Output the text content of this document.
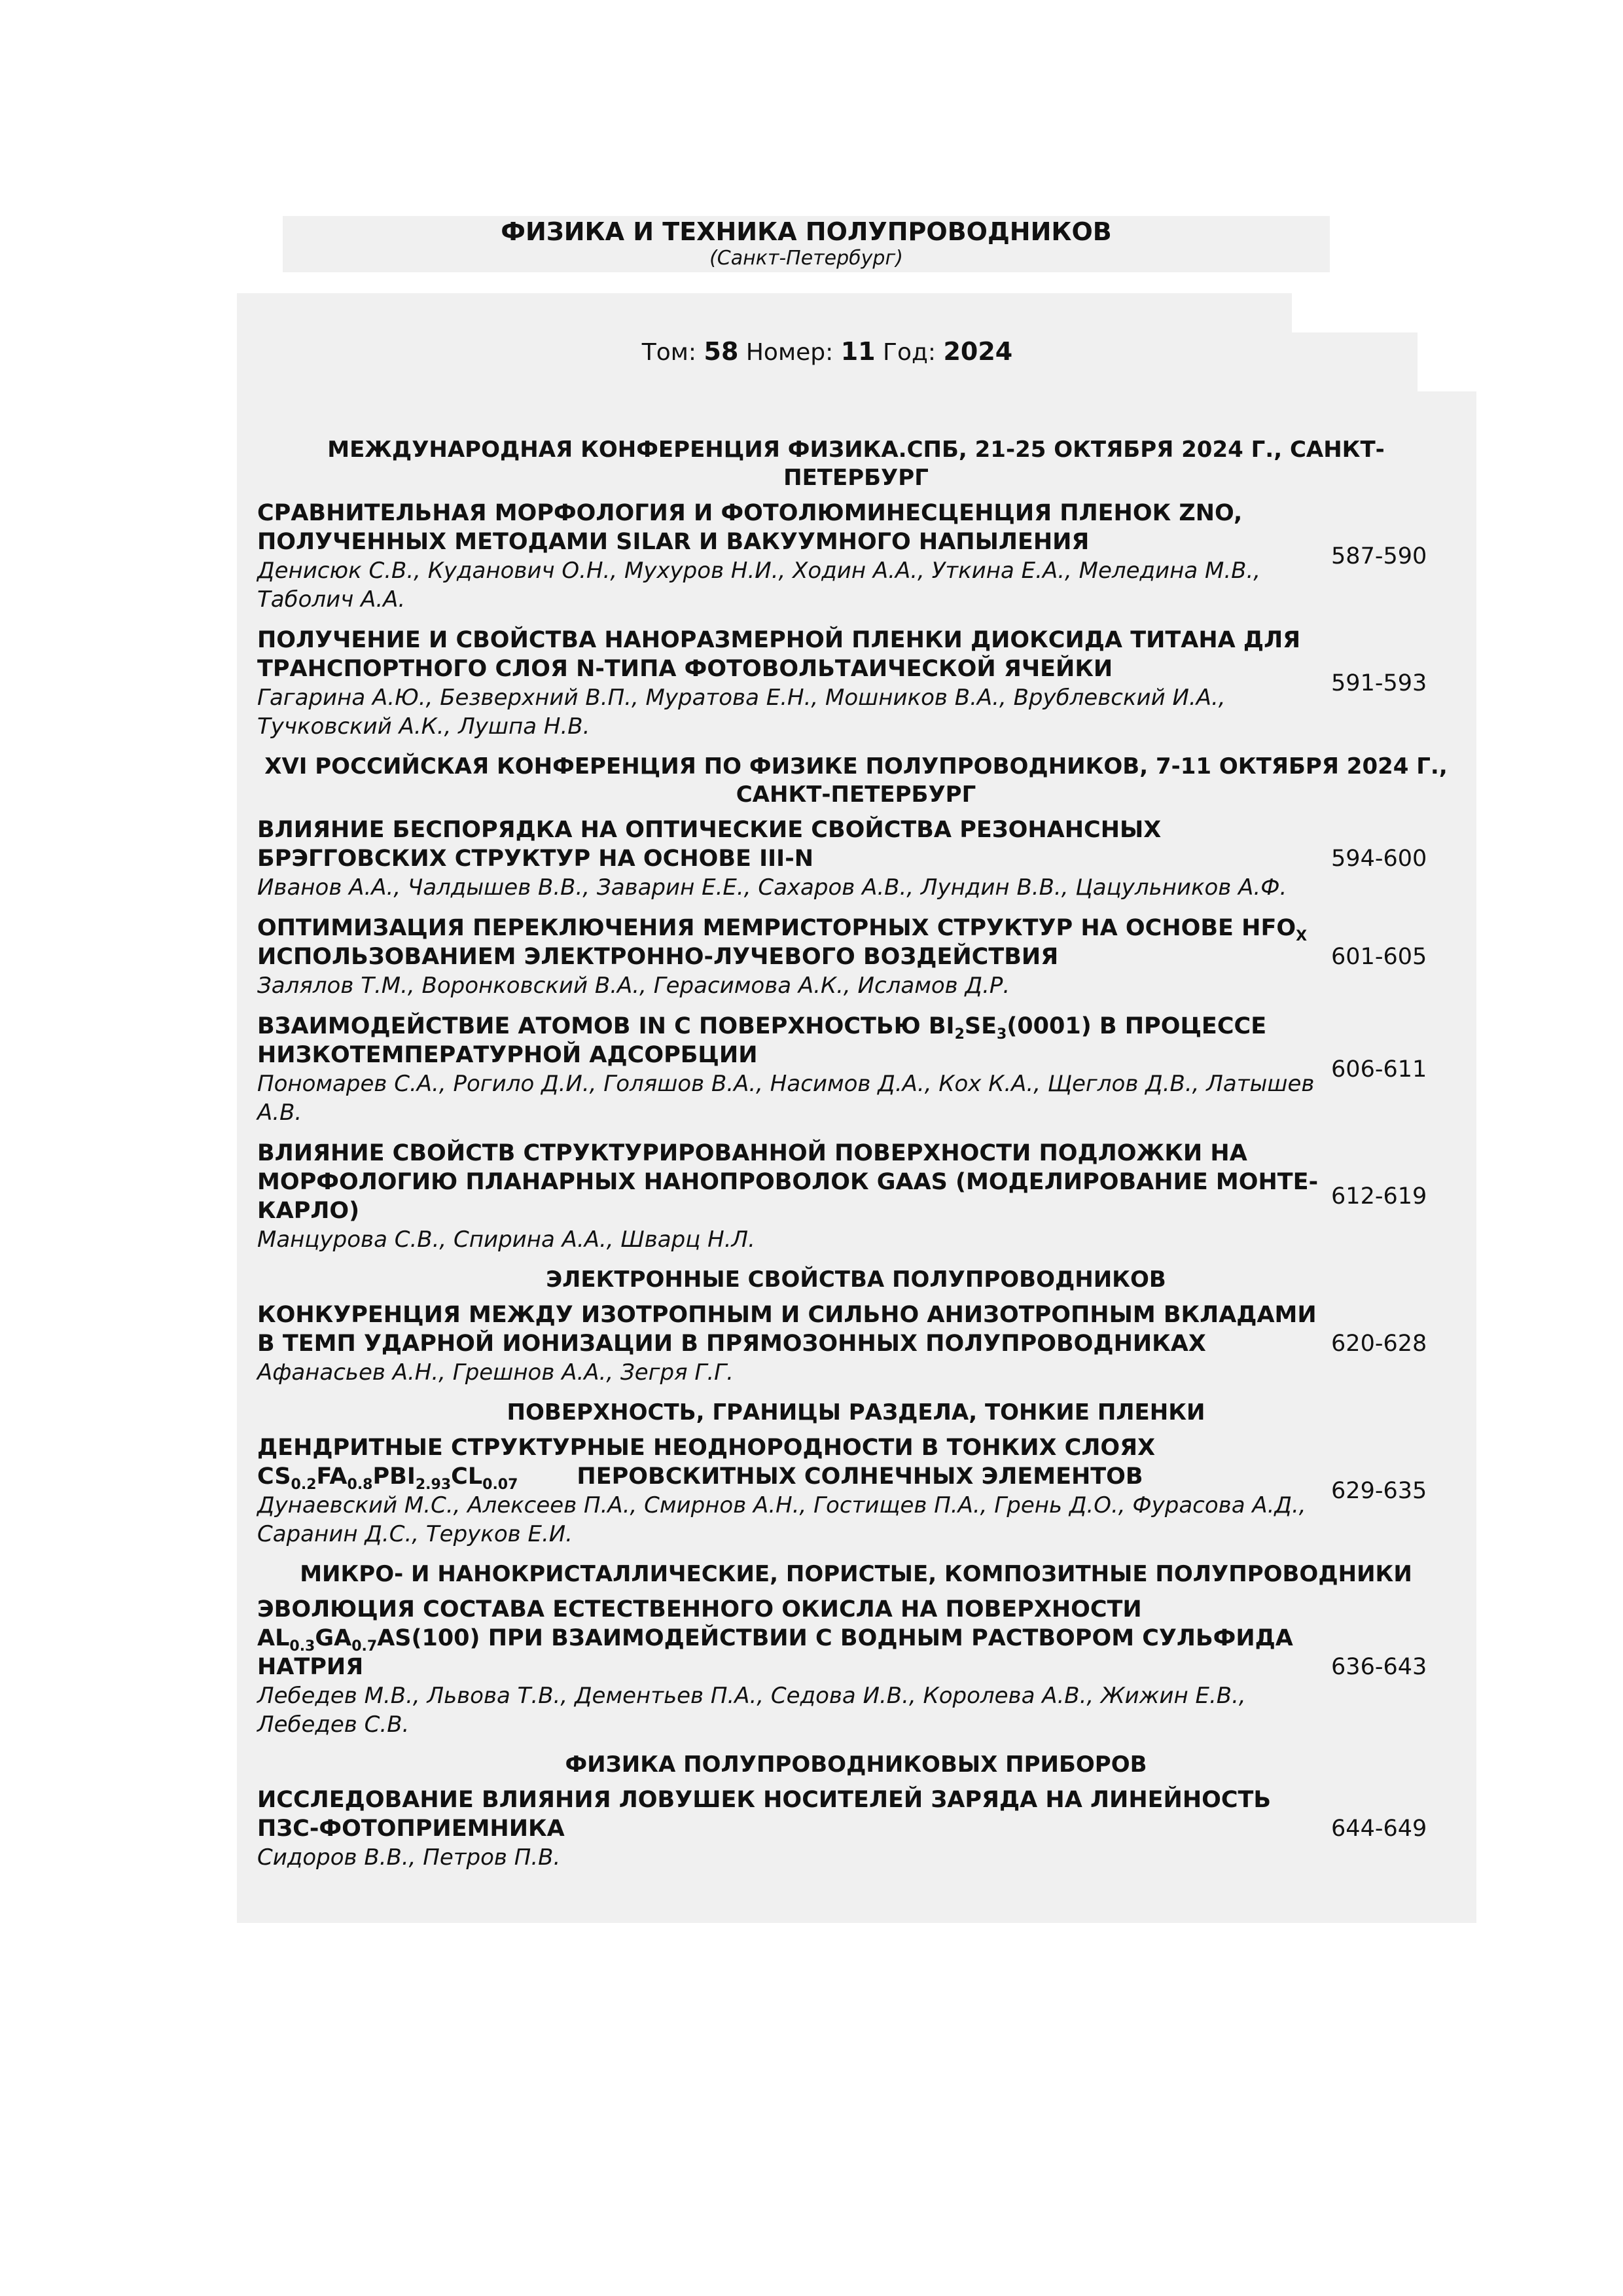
ФИЗИКА И ТЕХНИКА ПОЛУПРОВОДНИКОВ
(Санкт-Петербург)
Том: 58 Номер: 11 Год: 2024
МЕЖДУНАРОДНАЯ КОНФЕРЕНЦИЯ ФИЗИКА.СПБ, 21-25 ОКТЯБРЯ 2024 Г., САНКТ-ПЕТЕРБУРГ
СРАВНИТЕЛЬНАЯ МОРФОЛОГИЯ И ФОТОЛЮМИНЕСЦЕНЦИЯ ПЛЕНОК ZNO, ПОЛУЧЕННЫХ МЕТОДАМИ SILAR И ВАКУУМНОГО НАПЫЛЕНИЯ
Денисюк С.В., Куданович О.Н., Мухуров Н.И., Ходин А.А., Уткина Е.А., Меледина М.В., Таболич А.А.
587-590
ПОЛУЧЕНИЕ И СВОЙСТВА НАНОРАЗМЕРНОЙ ПЛЕНКИ ДИОКСИДА ТИТАНА ДЛЯ ТРАНСПОРТНОГО СЛОЯ N-ТИПА ФОТОВОЛЬТАИЧЕСКОЙ ЯЧЕЙКИ
Гагарина А.Ю., Безверхний В.П., Муратова Е.Н., Мошников В.А., Врублевский И.А., Тучковский А.К., Лушпа Н.В.
591-593
XVI РОССИЙСКАЯ КОНФЕРЕНЦИЯ ПО ФИЗИКЕ ПОЛУПРОВОДНИКОВ, 7-11 ОКТЯБРЯ 2024 Г., САНКТ-ПЕТЕРБУРГ
ВЛИЯНИЕ БЕСПОРЯДКА НА ОПТИЧЕСКИЕ СВОЙСТВА РЕЗОНАНСНЫХ БРЭГГОВСКИХ СТРУКТУР НА ОСНОВЕ III-N
Иванов А.А., Чалдышев В.В., Заварин Е.Е., Сахаров А.В., Лундин В.В., Цацульников А.Ф.
594-600
ОПТИМИЗАЦИЯ ПЕРЕКЛЮЧЕНИЯ МЕМРИСТОРНЫХ СТРУКТУР НА ОСНОВЕ $HFO_X$ ИСПОЛЬЗОВАНИЕМ ЭЛЕКТРОННО-ЛУЧЕВОГО ВОЗДЕЙСТВИЯ
Залялов Т.М., Воронковский В.А., Герасимова А.К., Исламов Д.Р.
601-605
ВЗАИМОДЕЙСТВИЕ АТОМОВ IN С ПОВЕРХНОСТЬЮ $BI_2SE_3(0001)$ В ПРОЦЕССЕ НИЗКОТЕМПЕРАТУРНОЙ АДСОРБЦИИ
Пономарев С.А., Рогило Д.И., Голяшов В.А., Насимов Д.А., Кох К.А., Щеглов Д.В., Латышев А.В.
606-611
ВЛИЯНИЕ СВОЙСТВ СТРУКТУРИРОВАННОЙ ПОВЕРХНОСТИ ПОДЛОЖКИ НА МОРФОЛОГИЮ ПЛАНАРНЫХ НАНОПРОВОЛОК GAAS (МОДЕЛИРОВАНИЕ МОНТЕ-КАРЛО)
Манцурова С.В., Спирина А.А., Шварц Н.Л.
612-619
ЭЛЕКТРОННЫЕ СВОЙСТВА ПОЛУПРОВОДНИКОВ
КОНКУРЕНЦИЯ МЕЖДУ ИЗОТРОПНЫМ И СИЛЬНО АНИЗОТРОПНЫМ ВКЛАДАМИ В ТЕМП УДАРНОЙ ИОНИЗАЦИИ В ПРЯМОЗОННЫХ ПОЛУПРОВОДНИКАХ
Афанасьев А.Н., Грешнов А.А., Зегря Г.Г.
620-628
ПОВЕРХНОСТЬ, ГРАНИЦЫ РАЗДЕЛА, ТОНКИЕ ПЛЕНКИ
ДЕНДРИТНЫЕ СТРУКТУРНЫЕ НЕОДНОРОДНОСТИ В ТОНКИХ СЛОЯХ
$CS_{0.2}FA_{0.8}PBI_{2.93}CL_{0.07}$	ПЕРОВСКИТНЫХ СОЛНЕЧНЫХ ЭЛЕМЕНТОВ
Дунаевский М.С., Алексеев П.А., Смирнов А.Н., Гостищев П.А., Грень Д.О., Фурасова А.Д., Саранин Д.С., Теруков Е.И.
629-635
МИКРО- И НАНОКРИСТАЛЛИЧЕСКИЕ, ПОРИСТЫЕ, КОМПОЗИТНЫЕ ПОЛУПРОВОДНИКИ
ЭВОЛЮЦИЯ СОСТАВА ЕСТЕСТВЕННОГО ОКИСЛА НА ПОВЕРХНОСТИ
$AL_{0.3}GA_{0.7}AS(100)$ ПРИ ВЗАИМОДЕЙСТВИИ С ВОДНЫМ РАСТВОРОМ СУЛЬФИДА НАТРИЯ
Лебедев М.В., Львова Т.В., Дементьев П.А., Седова И.В., Королева А.В., Жижин Е.В., Лебедев С.В.
636-643
ФИЗИКА ПОЛУПРОВОДНИКОВЫХ ПРИБОРОВ
ИССЛЕДОВАНИЕ ВЛИЯНИЯ ЛОВУШЕК НОСИТЕЛЕЙ ЗАРЯДА НА ЛИНЕЙНОСТЬ ПЗС-ФОТОПРИЕМНИКА
Сидоров В.В., Петров П.В.
644-649
